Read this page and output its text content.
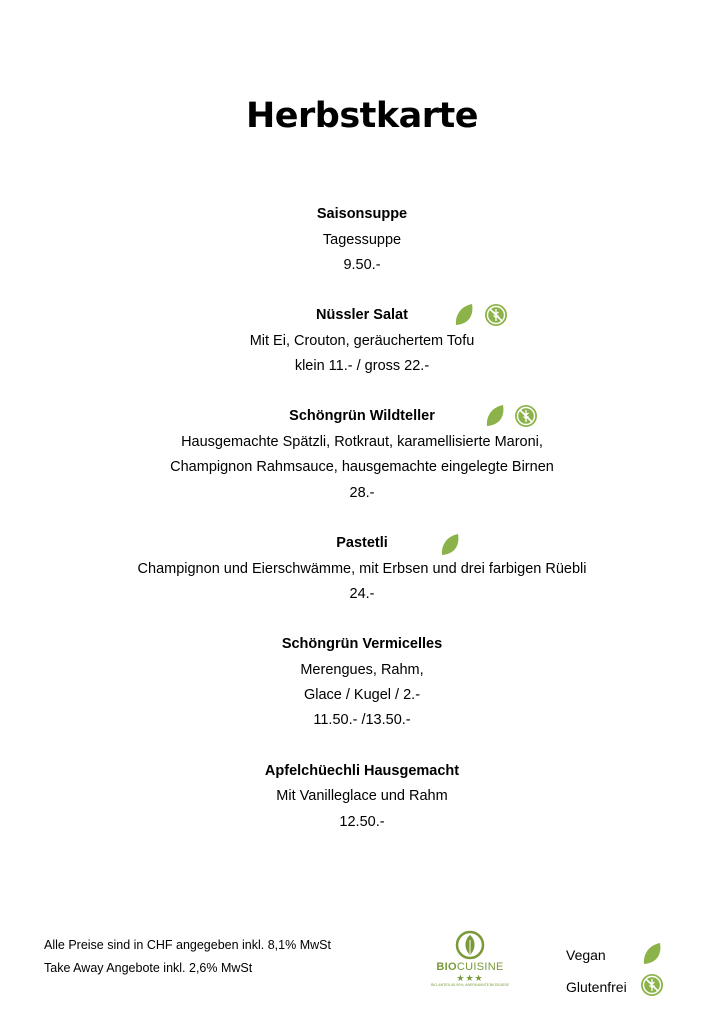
Herbstkarte
Saisonsuppe
Tagessuppe
9.50.-
Nüssler Salat
Mit Ei, Crouton, geräuchertem Tofu
klein 11.- / gross 22.-
Schöngrün Wildteller
Hausgemachte Spätzli, Rotkraut, karamellisierte Maroni,
Champignon Rahmsauce, hausgemachte eingelegte Birnen
28.-
Pastetli
Champignon und Eierschwämme, mit Erbsen und drei farbigen Rüebli
24.-
Schöngrün Vermicelles
Merengues, Rahm,
Glace / Kugel / 2.-
11.50.- /13.50.-
Apfelchüechli Hausgemacht
Mit Vanilleglace und Rahm
12.50.-
Alle Preise sind in CHF angegeben inkl. 8,1% MwSt
Take Away Angebote inkl. 2,6% MwSt	BIOCUISINE
★★★
BIO-ANTEIL 60-90%, ANERKANNTE BIOSUISSE
Vegan
Glutenfrei
